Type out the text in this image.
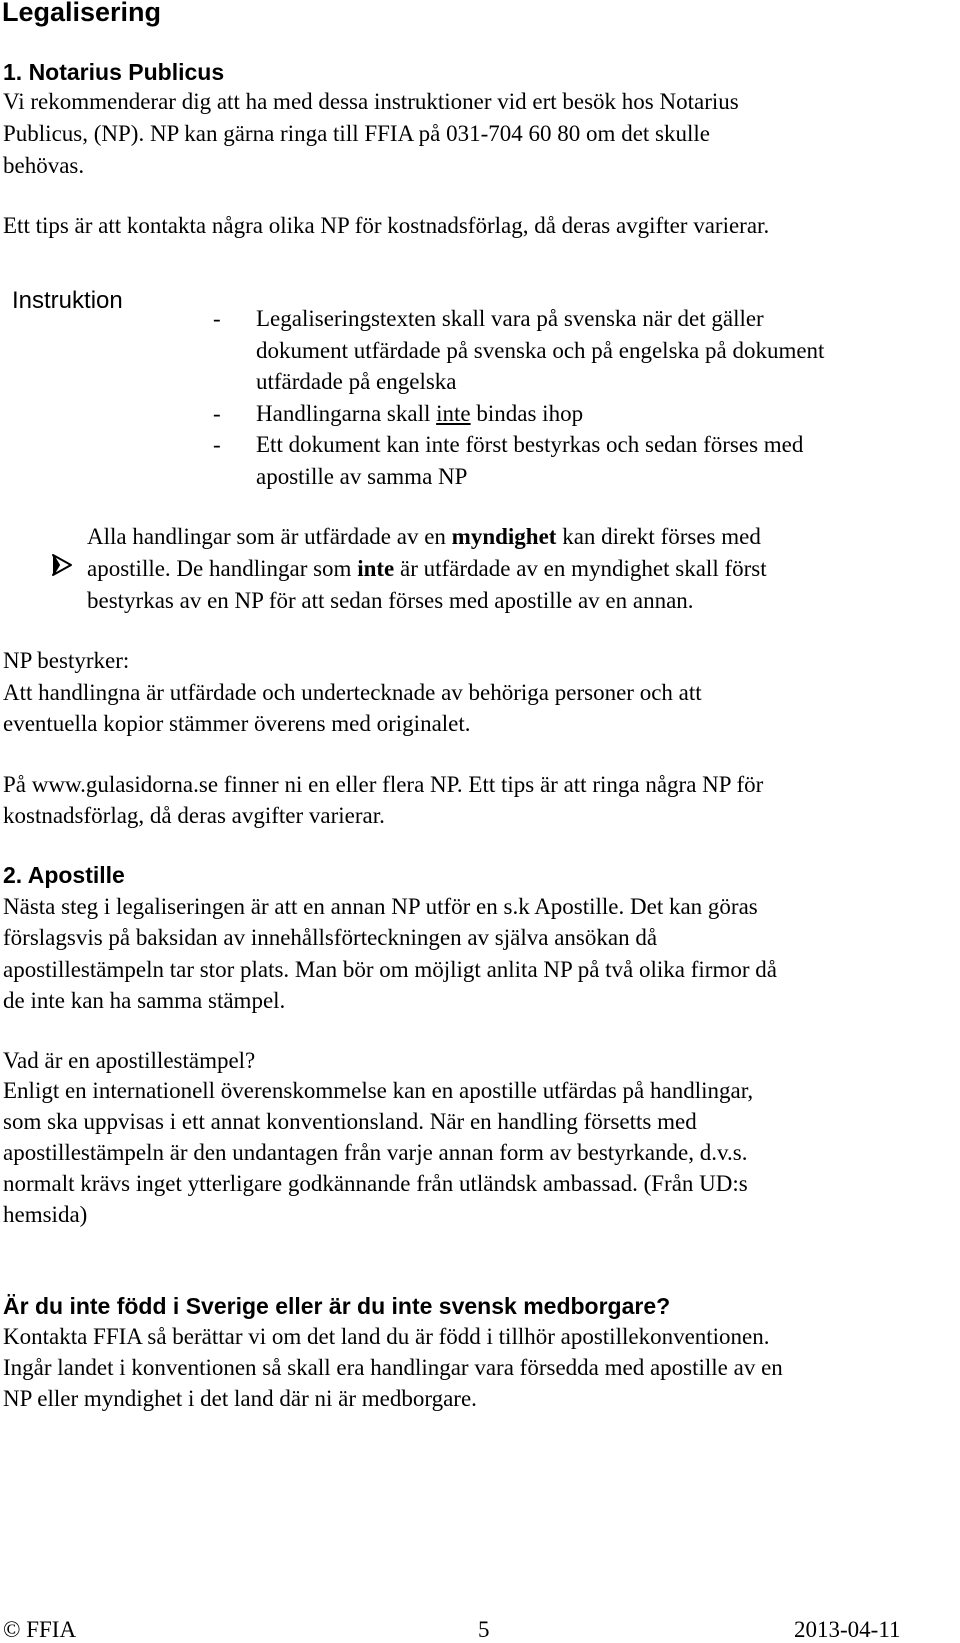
Legalisering
1. Notarius Publicus
Vi rekommenderar dig att ha med dessa instruktioner vid ert besök hos Notarius
Publicus, (NP). NP kan gärna ringa till FFIA på 031-704 60 80 om det skulle
behövas.
Ett tips är att kontakta några olika NP för kostnadsförlag, då deras avgifter varierar.
Instruktion
- Legaliseringstexten skall vara på svenska när det gäller
dokument utfärdade på svenska och på engelska på dokument
utfärdade på engelska
- Handlingarna skall inte bindas ihop
- Ett dokument kan inte först bestyrkas och sedan förses med
apostille av samma NP
Alla handlingar som är utfärdade av en myndighet kan direkt förses med
apostille. De handlingar som inte är utfärdade av en myndighet skall först
bestyrkas av en NP för att sedan förses med apostille av en annan.
NP bestyrker:
Att handlingna är utfärdade och undertecknade av behöriga personer och att
eventuella kopior stämmer överens med originalet.
På www.gulasidorna.se finner ni en eller flera NP. Ett tips är att ringa några NP för
kostnadsförlag, då deras avgifter varierar.
2. Apostille
Nästa steg i legaliseringen är att en annan NP utför en s.k Apostille. Det kan göras
förslagsvis på baksidan av innehållsförteckningen av själva ansökan då
apostillestämpeln tar stor plats. Man bör om möjligt anlita NP på två olika firmor då
de inte kan ha samma stämpel.
Vad är en apostillestämpel?
Enligt en internationell överenskommelse kan en apostille utfärdas på handlingar,
som ska uppvisas i ett annat konventionsland. När en handling försetts med
apostillestämpeln är den undantagen från varje annan form av bestyrkande, d.v.s.
normalt krävs inget ytterligare godkännande från utländsk ambassad. (Från UD:s
hemsida)
Är du inte född i Sverige eller är du inte svensk medborgare?
Kontakta FFIA så berättar vi om det land du är född i tillhör apostillekonventionen.
Ingår landet i konventionen så skall era handlingar vara försedda med apostille av en
NP eller myndighet i det land där ni är medborgare.
© FFIA	5	2013-04-11
